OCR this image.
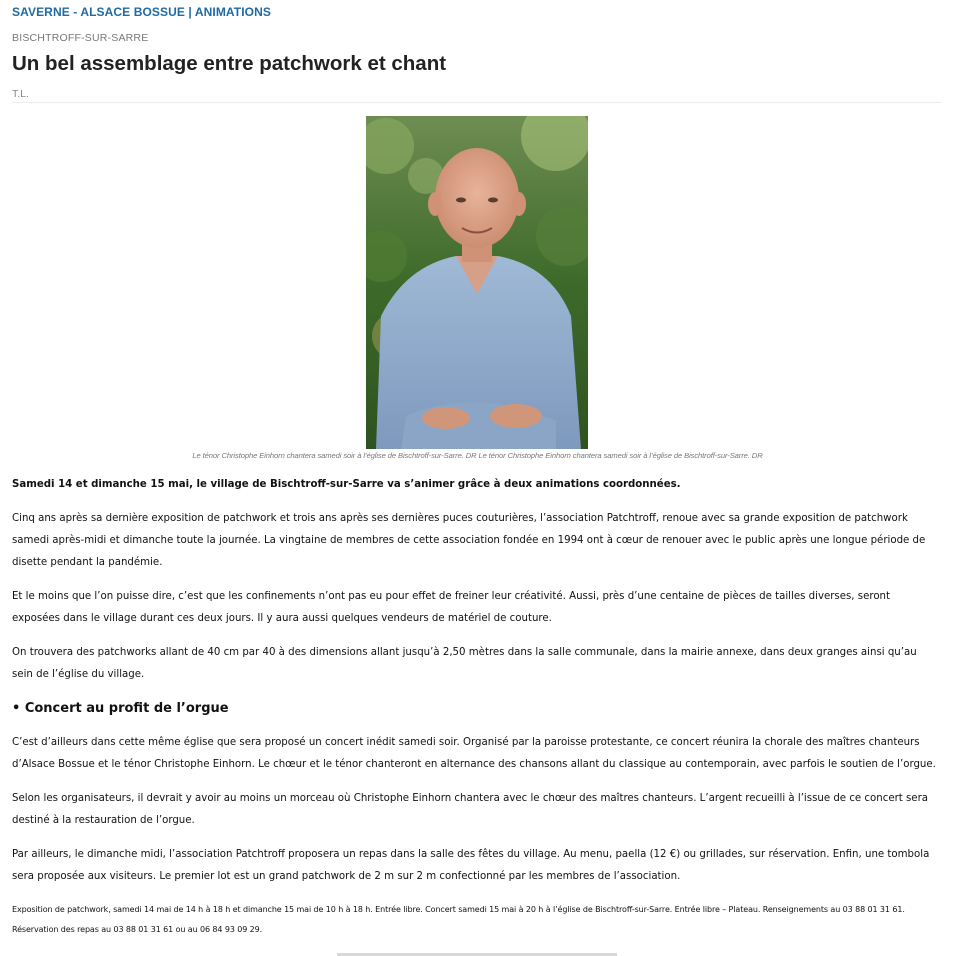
SAVERNE - ALSACE BOSSUE | ANIMATIONS
BISCHTROFF-SUR-SARRE
Un bel assemblage entre patchwork et chant
T.L.
Le ténor Christophe Einhorn chantera samedi soir à l’église de Bischtroff-sur-Sarre. DR Le ténor Christophe Einhorn chantera samedi soir à l’église de Bischtroff-sur-Sarre. DR

Samedi 14 et dimanche 15 mai, le village de Bischtroff-sur-Sarre va s’animer grâce à deux animations coordonnées.

Cinq ans après sa dernière exposition de patchwork et trois ans après ses dernières puces couturières, l’association Patchtroff, renoue avec sa grande exposition de patchwork samedi après-midi et dimanche toute la journée. La vingtaine de membres de cette association fondée en 1994 ont à cœur de renouer avec le public après une longue période de disette pendant la pandémie.

Et le moins que l’on puisse dire, c’est que les confinements n’ont pas eu pour effet de freiner leur créativité. Aussi, près d’une centaine de pièces de tailles diverses, seront exposées dans le village durant ces deux jours. Il y aura aussi quelques vendeurs de matériel de couture.

On trouvera des patchworks allant de 40 cm par 40 à des dimensions allant jusqu’à 2,50 mètres dans la salle communale, dans la mairie annexe, dans deux granges ainsi qu’au sein de l’église du village.

• Concert au profit de l’orgue

C’est d’ailleurs dans cette même église que sera proposé un concert inédit samedi soir. Organisé par la paroisse protestante, ce concert réunira la chorale des maîtres chanteurs d’Alsace Bossue et le ténor Christophe Einhorn. Le chœur et le ténor chanteront en alternance des chansons allant du classique au contemporain, avec parfois le soutien de l’orgue.

Selon les organisateurs, il devrait y avoir au moins un morceau où Christophe Einhorn chantera avec le chœur des maîtres chanteurs. L’argent recueilli à l’issue de ce concert sera destiné à la restauration de l’orgue.

Par ailleurs, le dimanche midi, l’association Patchtroff proposera un repas dans la salle des fêtes du village. Au menu, paella (12 €) ou grillades, sur réservation. Enfin, une tombola sera proposée aux visiteurs. Le premier lot est un grand patchwork de 2 m sur 2 m confectionné par les membres de l’association.

Exposition de patchwork, samedi 14 mai de 14 h à 18 h et dimanche 15 mai de 10 h à 18 h. Entrée libre. Concert samedi 15 mai à 20 h à l’église de Bischtroff-sur-Sarre. Entrée libre – Plateau. Renseignements au 03 88 01 31 61. Réservation des repas au 03 88 01 31 61 ou au 06 84 93 09 29.
